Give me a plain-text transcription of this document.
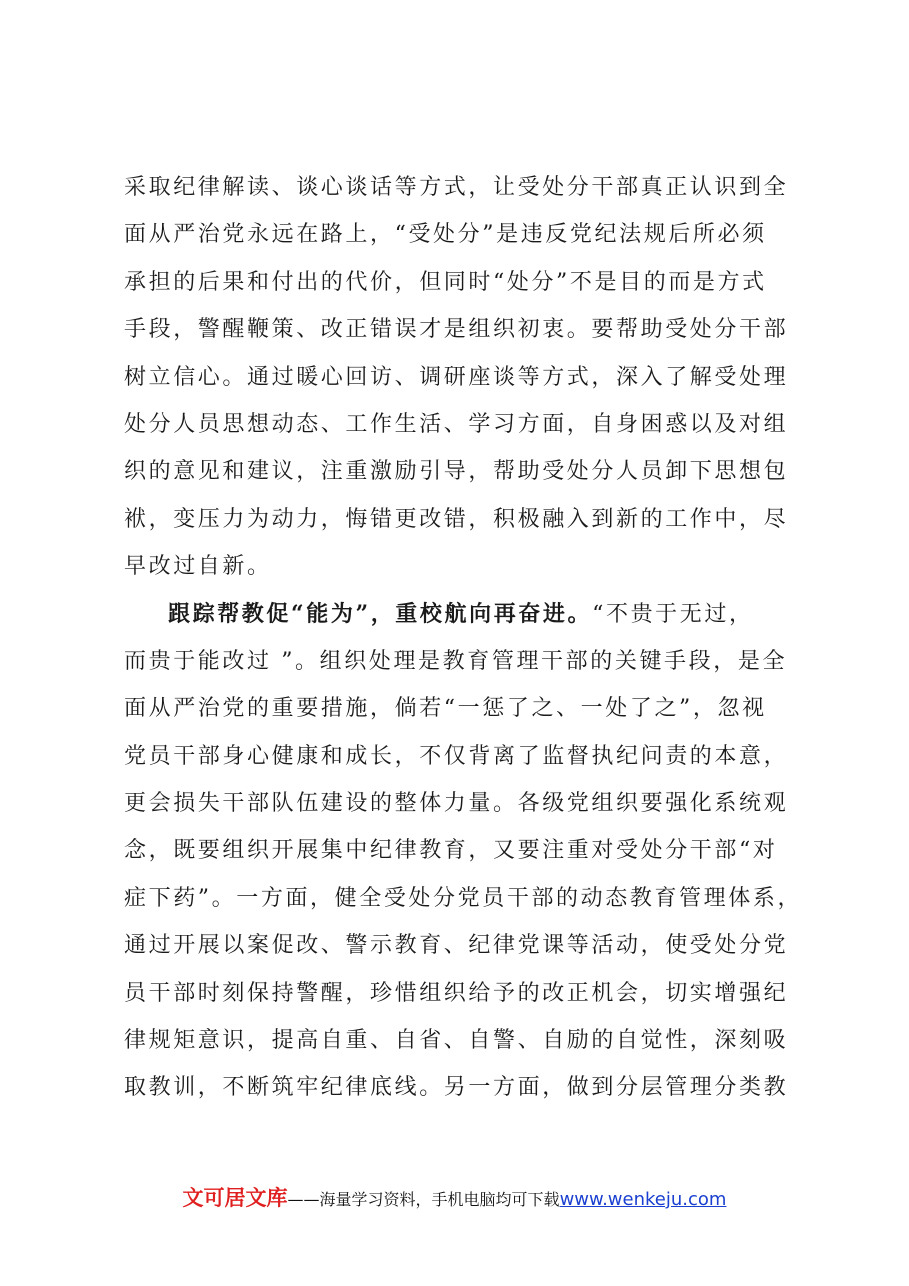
采取纪律解读、谈心谈话等方式，让受处分干部真正认识到全
面从严治党永远在路上，“受处分”是违反党纪法规后所必须
承担的后果和付出的代价，但同时“处分”不是目的而是方式
手段，警醒鞭策、改正错误才是组织初衷。要帮助受处分干部
树立信心。通过暖心回访、调研座谈等方式，深入了解受处理
处分人员思想动态、工作生活、学习方面，自身困惑以及对组
织的意见和建议，注重激励引导，帮助受处分人员卸下思想包
袱，变压力为动力，悔错更改错，积极融入到新的工作中，尽
早改过自新。
跟踪帮教促“能为”，重校航向再奋进。“不贵于无过，
而贵于能改过 ”。组织处理是教育管理干部的关键手段，是全
面从严治党的重要措施，倘若“一惩了之、一处了之”，忽视
党员干部身心健康和成长，不仅背离了监督执纪问责的本意，
更会损失干部队伍建设的整体力量。各级党组织要强化系统观
念，既要组织开展集中纪律教育，又要注重对受处分干部“对
症下药”。一方面，健全受处分党员干部的动态教育管理体系，
通过开展以案促改、警示教育、纪律党课等活动，使受处分党
员干部时刻保持警醒，珍惜组织给予的改正机会，切实增强纪
律规矩意识，提高自重、自省、自警、自励的自觉性，深刻吸
取教训，不断筑牢纪律底线。另一方面，做到分层管理分类教
文可居文库——海量学习资料，手机电脑均可下载www.wenkeju.com
